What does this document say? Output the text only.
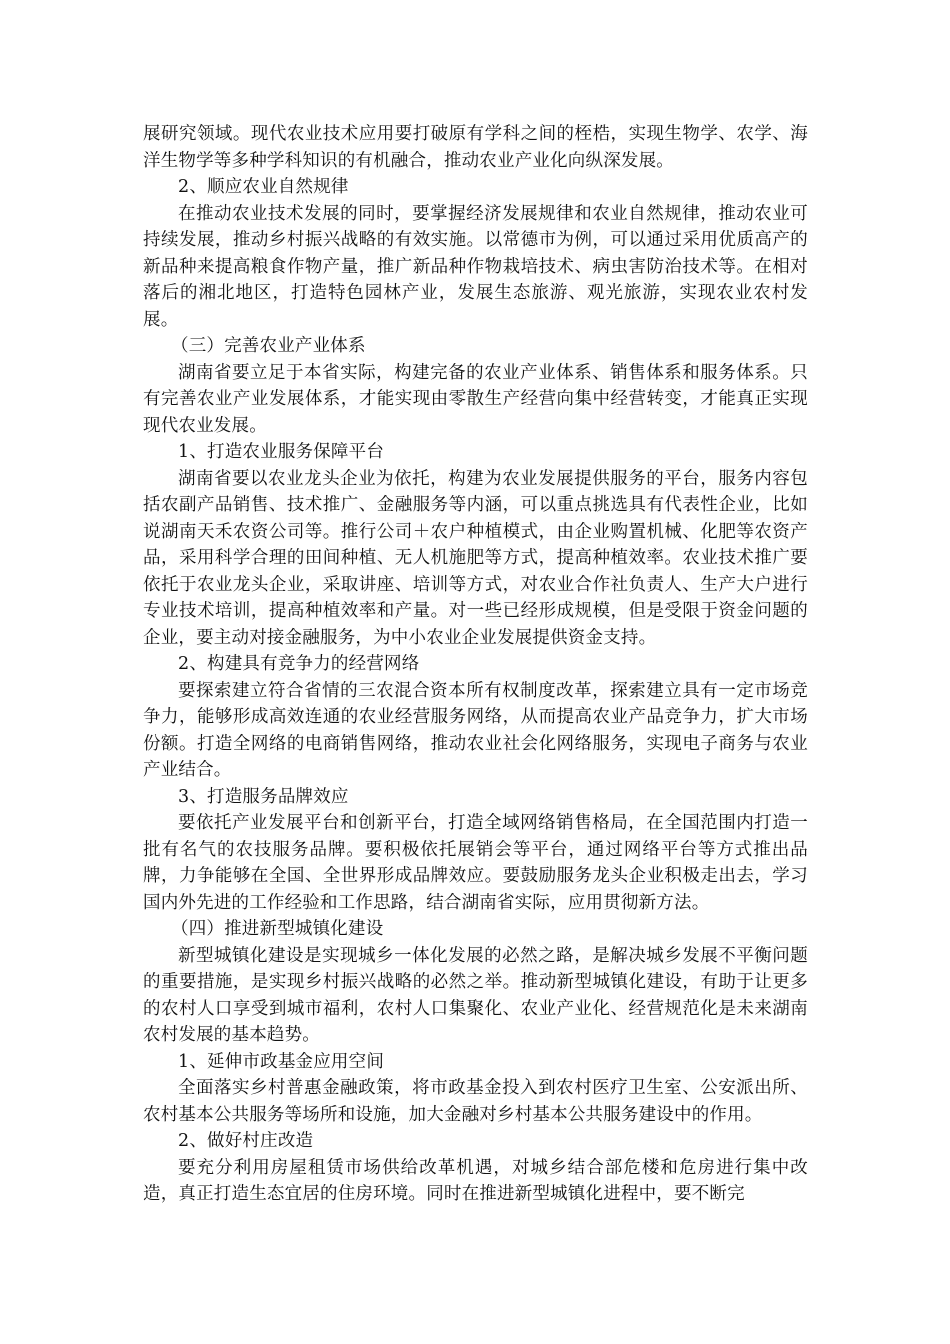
展研究领域。现代农业技术应用要打破原有学科之间的桎梏，实现生物学、农学、海洋生物学等多种学科知识的有机融合，推动农业产业化向纵深发展。

2、顺应农业自然规律

在推动农业技术发展的同时，要掌握经济发展规律和农业自然规律，推动农业可持续发展，推动乡村振兴战略的有效实施。以常德市为例，可以通过采用优质高产的新品种来提高粮食作物产量，推广新品种作物栽培技术、病虫害防治技术等。在相对落后的湘北地区，打造特色园林产业，发展生态旅游、观光旅游，实现农业农村发展。

（三）完善农业产业体系

湖南省要立足于本省实际，构建完备的农业产业体系、销售体系和服务体系。只有完善农业产业发展体系，才能实现由零散生产经营向集中经营转变，才能真正实现现代农业发展。

1、打造农业服务保障平台

湖南省要以农业龙头企业为依托，构建为农业发展提供服务的平台，服务内容包括农副产品销售、技术推广、金融服务等内涵，可以重点挑选具有代表性企业，比如说湖南天禾农资公司等。推行公司＋农户种植模式，由企业购置机械、化肥等农资产品，采用科学合理的田间种植、无人机施肥等方式，提高种植效率。农业技术推广要依托于农业龙头企业，采取讲座、培训等方式，对农业合作社负责人、生产大户进行专业技术培训，提高种植效率和产量。对一些已经形成规模，但是受限于资金问题的企业，要主动对接金融服务，为中小农业企业发展提供资金支持。

2、构建具有竞争力的经营网络

要探索建立符合省情的三农混合资本所有权制度改革，探索建立具有一定市场竞争力，能够形成高效连通的农业经营服务网络，从而提高农业产品竞争力，扩大市场份额。打造全网络的电商销售网络，推动农业社会化网络服务，实现电子商务与农业产业结合。

3、打造服务品牌效应

要依托产业发展平台和创新平台，打造全域网络销售格局，在全国范围内打造一批有名气的农技服务品牌。要积极依托展销会等平台，通过网络平台等方式推出品牌，力争能够在全国、全世界形成品牌效应。要鼓励服务龙头企业积极走出去，学习国内外先进的工作经验和工作思路，结合湖南省实际，应用贯彻新方法。

（四）推进新型城镇化建设

新型城镇化建设是实现城乡一体化发展的必然之路，是解决城乡发展不平衡问题的重要措施，是实现乡村振兴战略的必然之举。推动新型城镇化建设，有助于让更多的农村人口享受到城市福利，农村人口集聚化、农业产业化、经营规范化是未来湖南农村发展的基本趋势。

1、延伸市政基金应用空间

全面落实乡村普惠金融政策，将市政基金投入到农村医疗卫生室、公安派出所、农村基本公共服务等场所和设施，加大金融对乡村基本公共服务建设中的作用。

2、做好村庄改造

要充分利用房屋租赁市场供给改革机遇，对城乡结合部危楼和危房进行集中改造，真正打造生态宜居的住房环境。同时在推进新型城镇化进程中，要不断完
